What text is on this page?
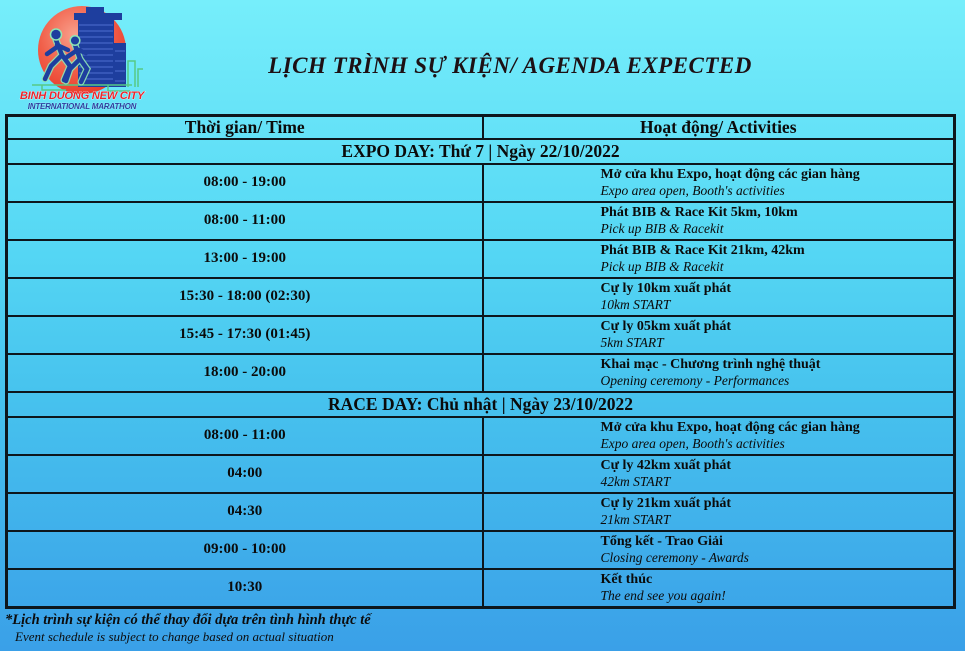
BINH DUONG NEW CITY
INTERNATIONAL MARATHON
LỊCH TRÌNH SỰ KIỆN/ AGENDA EXPECTED
Thời gian/ Time	Hoạt động/ Activities
EXPO DAY: Thứ 7 | Ngày 22/10/2022	
08:00 - 19:00	Mở cửa khu Expo, hoạt động các gian hàng
Expo area open, Booth's activities

08:00 - 11:00	Phát BIB & Race Kit 5km, 10km
Pick up BIB & Racekit

13:00 - 19:00	Phát BIB & Race Kit 21km, 42km
Pick up BIB & Racekit

15:30 - 18:00 (02:30)	Cự ly 10km xuất phát
10km START

15:45 - 17:30 (01:45)	Cự ly 05km xuất phát
5km START

18:00 - 20:00	Khai mạc - Chương trình nghệ thuật
Opening ceremony - Performances

RACE DAY: Chủ nhật | Ngày 23/10/2022	
08:00 - 11:00	Mở cửa khu Expo, hoạt động các gian hàng
Expo area open, Booth's activities

04:00	Cự ly 42km xuất phát
42km START

04:30	Cự ly 21km xuất phát
21km START

09:00 - 10:00	Tổng kết - Trao Giải
Closing ceremony - Awards

10:30	Kết thúc
The end see you again!
*Lịch trình sự kiện có thể thay đổi dựa trên tình hình thực tế
Event schedule is subject to change based on actual situation
